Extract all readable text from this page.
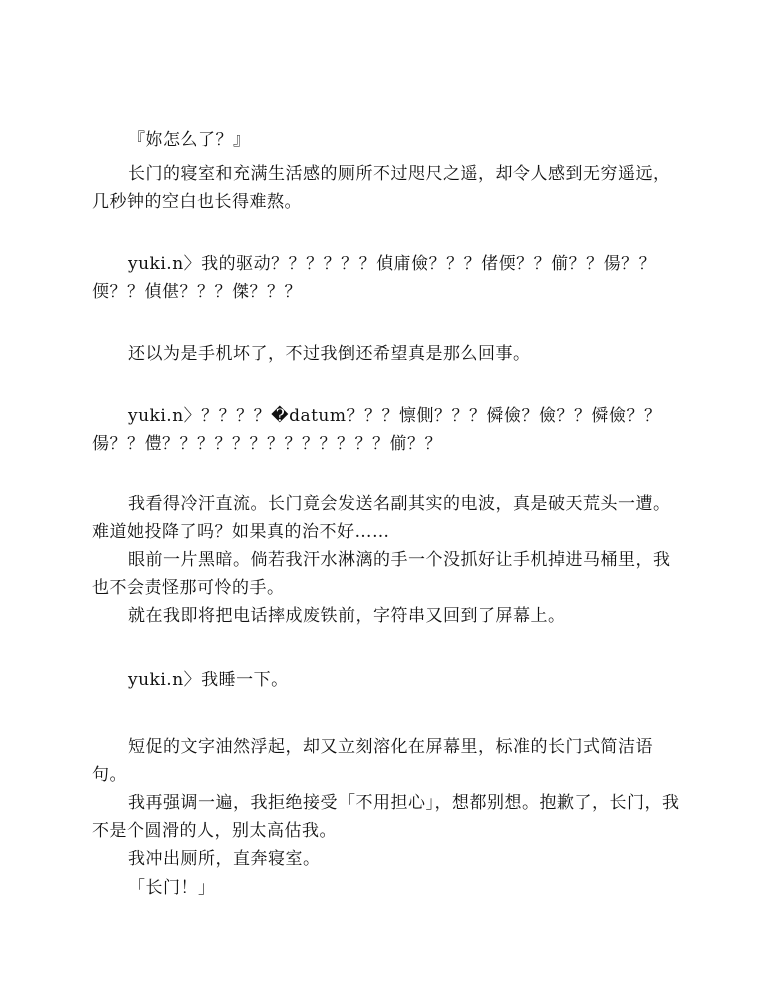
『妳怎么了？』

长门的寝室和充满生活感的厕所不过咫尺之遥，却令人感到无穷遥远，几秒钟的空白也长得难熬。

yuki.n〉我的驱动？？？？？？偵庯儉？？？偖偄？？偂？？偒？？偄？？偵偡？？？傑？？？

还以为是手机坏了，不过我倒还希望真是那么回事。

yuki.n〉？？？？�datum？？？懔側？？？僢儉？儉？？僢儉？？偒？？僼？？？？？？？？？？？？？偂？？

我看得冷汗直流。长门竟会发送名副其实的电波，真是破天荒头一遭。难道她投降了吗？如果真的治不好……

眼前一片黑暗。倘若我汗水淋漓的手一个没抓好让手机掉进马桶里，我也不会责怪那可怜的手。

就在我即将把电话摔成废铁前，字符串又回到了屏幕上。

yuki.n〉我睡一下。

短促的文字油然浮起，却又立刻溶化在屏幕里，标准的长门式简洁语句。

我再强调一遍，我拒绝接受「不用担心」，想都别想。抱歉了，长门，我不是个圆滑的人，别太高估我。

我冲出厕所，直奔寝室。

「长门！」
